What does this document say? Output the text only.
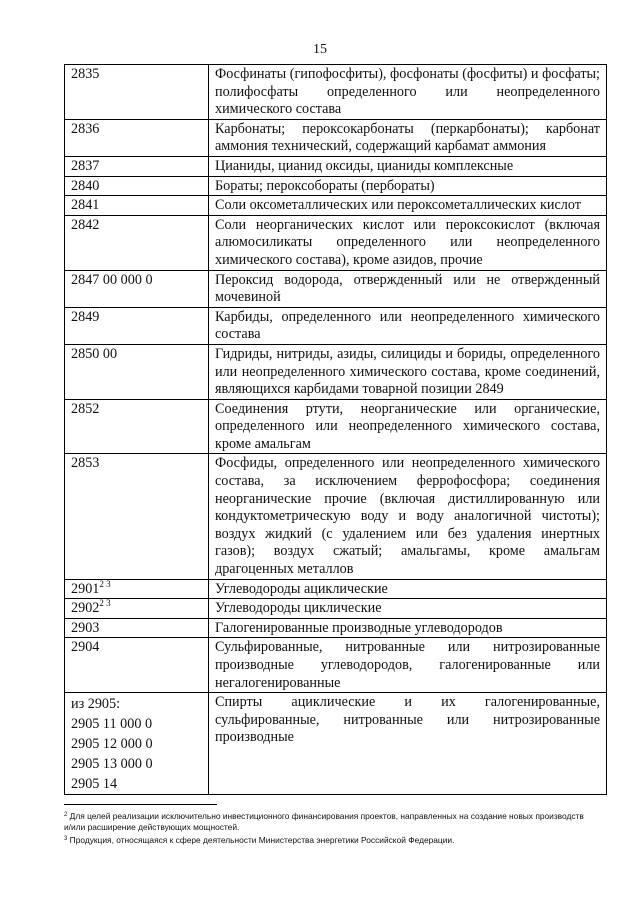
15
2835	Фосфинаты (гипофосфиты), фосфонаты (фосфиты) и фосфаты; полифосфаты определенного или неопределенного химического состава
2836	Карбонаты; пероксокарбонаты (перкарбонаты); карбонат аммония технический, содержащий карбамат аммония
2837	Цианиды, цианид оксиды, цианиды комплексные
2840	Бораты; пероксобораты (пербораты)
2841	Соли оксометаллических или пероксометаллических кислот
2842	Соли неорганических кислот или пероксокислот (включая алюмосиликаты определенного или неопределенного химического состава), кроме азидов, прочие
2847 00 000 0	Пероксид водорода, отвержденный или не отвержденный мочевиной
2849	Карбиды, определенного или неопределенного химического состава
2850 00	Гидриды, нитриды, азиды, силициды и бориды, определенного или неопределенного химического состава, кроме соединений, являющихся карбидами товарной позиции 2849
2852	Соединения ртути, неорганические или органические, определенного или неопределенного химического состава, кроме амальгам
2853	Фосфиды, определенного или неопределенного химического состава, за исключением феррофосфора; соединения неорганические прочие (включая дистиллированную или кондуктометрическую воду и воду аналогичной чистоты); воздух жидкий (с удалением или без удаления инертных газов); воздух сжатый; амальгамы, кроме амальгам драгоценных металлов
$2901^{2 3}$	Углеводороды ациклические
$2902^{2 3}$	Углеводороды циклические
2903	Галогенированные производные углеводородов
2904	Сульфированные, нитрованные или нитрозированные производные углеводородов, галогенированные или негалогенированные

из 2905:
2905 11 000 0
2905 12 000 0
2905 13 000 0
2905 14	Спирты ациклические и их галогенированные, сульфированные, нитрованные или нитрозированные производные

$^2$ Для целей реализации исключительно инвестиционного финансирования проектов, направленных на создание новых производств и/или расширение действующих мощностей.

$^3$ Продукция, относящаяся к сфере деятельности Министерства энергетики Российской Федерации.
